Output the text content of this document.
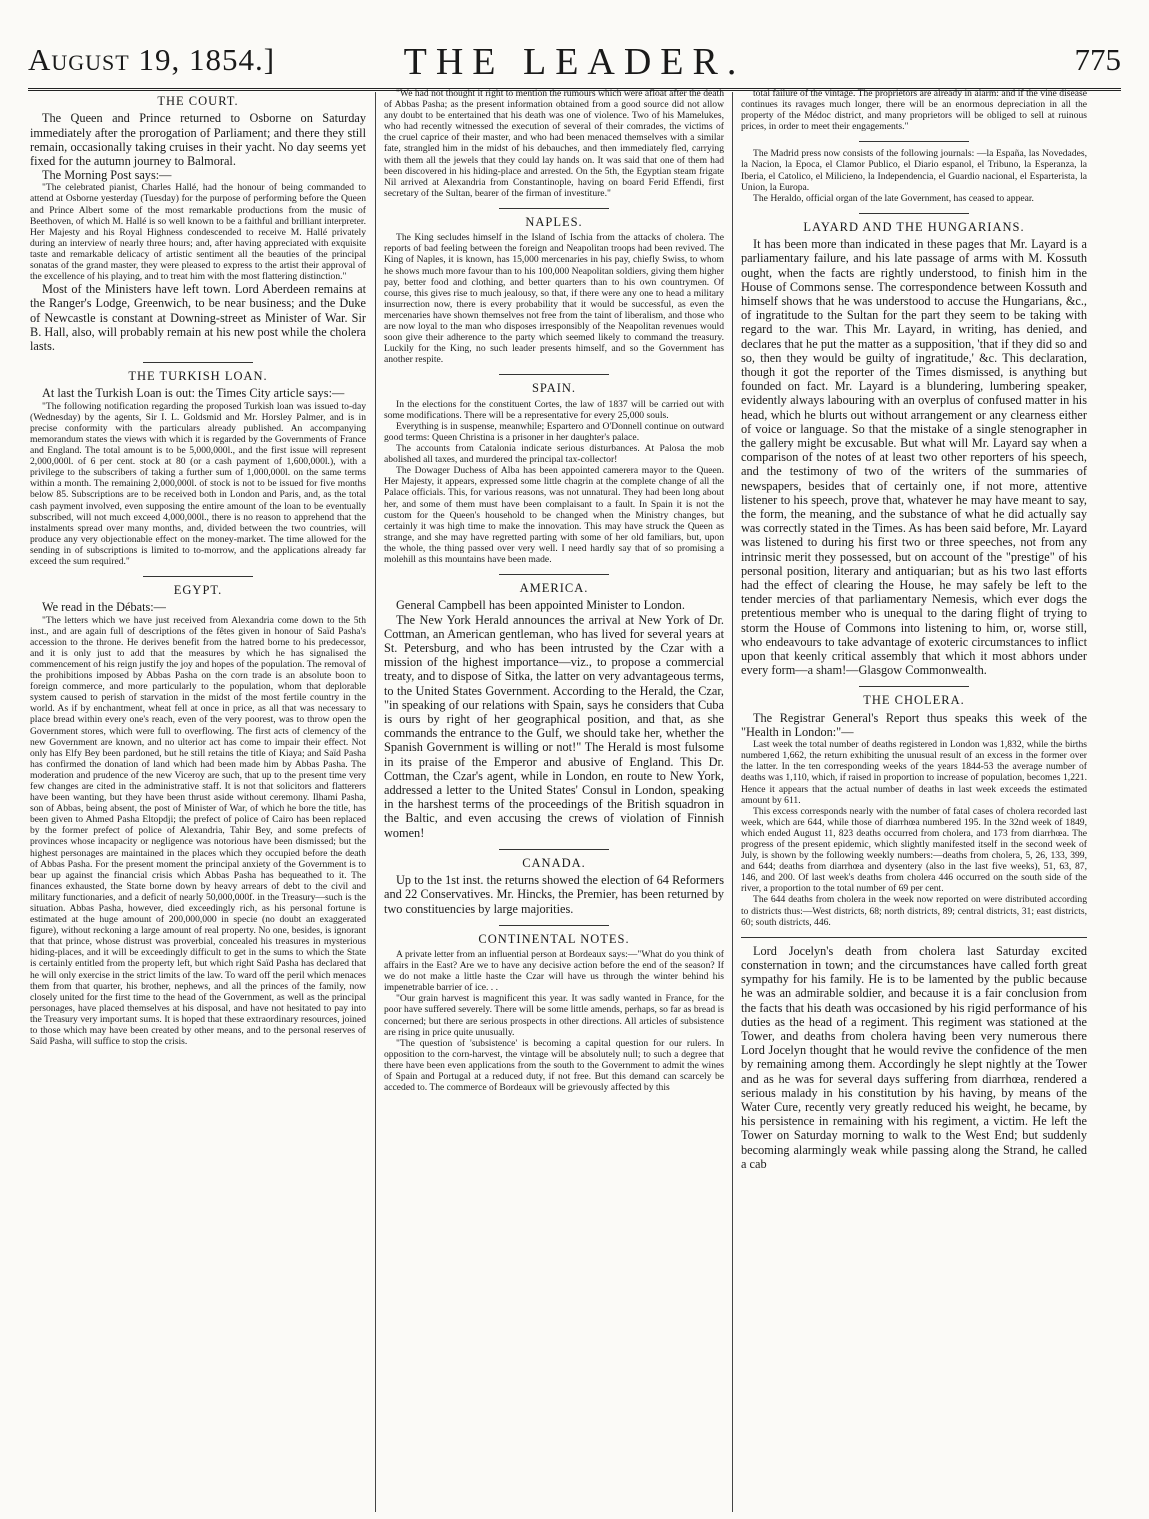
August 19, 1854.]	THE LEADER.	775
THE COURT.

The Queen and Prince returned to Osborne on Saturday immediately after the prorogation of Parliament; and there they still remain, occasionally taking cruises in their yacht. No day seems yet fixed for the autumn journey to Balmoral.

The Morning Post says:—

"The celebrated pianist, Charles Hallé, had the honour of being commanded to attend at Osborne yesterday (Tuesday) for the purpose of performing before the Queen and Prince Albert some of the most remarkable productions from the music of Beethoven, of which M. Hallé is so well known to be a faithful and brilliant interpreter. Her Majesty and his Royal Highness condescended to receive M. Hallé privately during an interview of nearly three hours; and, after having appreciated with exquisite taste and remarkable delicacy of artistic sentiment all the beauties of the principal sonatas of the grand master, they were pleased to express to the artist their approval of the excellence of his playing, and to treat him with the most flattering distinction."

Most of the Ministers have left town. Lord Aberdeen remains at the Ranger's Lodge, Greenwich, to be near business; and the Duke of Newcastle is constant at Downing-street as Minister of War. Sir B. Hall, also, will probably remain at his new post while the cholera lasts.

THE TURKISH LOAN.

At last the Turkish Loan is out: the Times City article says:—

"The following notification regarding the proposed Turkish loan was issued to-day (Wednesday) by the agents, Sir I. L. Goldsmid and Mr. Horsley Palmer, and is in precise conformity with the particulars already published. An accompanying memorandum states the views with which it is regarded by the Governments of France and England. The total amount is to be 5,000,000l., and the first issue will represent 2,000,000l. of 6 per cent. stock at 80 (or a cash payment of 1,600,000l.), with a privilege to the subscribers of taking a further sum of 1,000,000l. on the same terms within a month. The remaining 2,000,000l. of stock is not to be issued for five months below 85. Subscriptions are to be received both in London and Paris, and, as the total cash payment involved, even supposing the entire amount of the loan to be eventually subscribed, will not much exceed 4,000,000l., there is no reason to apprehend that the instalments spread over many months, and, divided between the two countries, will produce any very objectionable effect on the money-market. The time allowed for the sending in of subscriptions is limited to to-morrow, and the applications already far exceed the sum required."

EGYPT.

We read in the Débats:—

"The letters which we have just received from Alexandria come down to the 5th inst., and are again full of descriptions of the fêtes given in honour of Saïd Pasha's accession to the throne. He derives benefit from the hatred borne to his predecessor, and it is only just to add that the measures by which he has signalised the commencement of his reign justify the joy and hopes of the population. The removal of the prohibitions imposed by Abbas Pasha on the corn trade is an absolute boon to foreign commerce, and more particularly to the population, whom that deplorable system caused to perish of starvation in the midst of the most fertile country in the world. As if by enchantment, wheat fell at once in price, as all that was necessary to place bread within every one's reach, even of the very poorest, was to throw open the Government stores, which were full to overflowing. The first acts of clemency of the new Government are known, and no ulterior act has come to impair their effect. Not only has Elfy Bey been pardoned, but he still retains the title of Kiaya; and Saïd Pasha has confirmed the donation of land which had been made him by Abbas Pasha. The moderation and prudence of the new Viceroy are such, that up to the present time very few changes are cited in the administrative staff. It is not that solicitors and flatterers have been wanting, but they have been thrust aside without ceremony. Ilhami Pasha, son of Abbas, being absent, the post of Minister of War, of which he bore the title, has been given to Ahmed Pasha Eltopdji; the prefect of police of Cairo has been replaced by the former prefect of police of Alexandria, Tahir Bey, and some prefects of provinces whose incapacity or negligence was notorious have been dismissed; but the highest personages are maintained in the places which they occupied before the death of Abbas Pasha. For the present moment the principal anxiety of the Government is to bear up against the financial crisis which Abbas Pasha has bequeathed to it. The finances exhausted, the State borne down by heavy arrears of debt to the civil and military functionaries, and a deficit of nearly 50,000,000f. in the Treasury—such is the situation. Abbas Pasha, however, died exceedingly rich, as his personal fortune is estimated at the huge amount of 200,000,000 in specie (no doubt an exaggerated figure), without reckoning a large amount of real property. No one, besides, is ignorant that that prince, whose distrust was proverbial, concealed his treasures in mysterious hiding-places, and it will be exceedingly difficult to get in the sums to which the State is certainly entitled from the property left, but which right Saïd Pasha has declared that he will only exercise in the strict limits of the law. To ward off the peril which menaces them from that quarter, his brother, nephews, and all the princes of the family, now closely united for the first time to the head of the Government, as well as the principal personages, have placed themselves at his disposal, and have not hesitated to pay into the Treasury very important sums. It is hoped that these extraordinary resources, joined to those which may have been created by other means, and to the personal reserves of Saïd Pasha, will suffice to stop the crisis.

"We had not thought it right to mention the rumours which were afloat after the death of Abbas Pasha; as the present information obtained from a good source did not allow any doubt to be entertained that his death was one of violence. Two of his Mamelukes, who had recently witnessed the execution of several of their comrades, the victims of the cruel caprice of their master, and who had been menaced themselves with a similar fate, strangled him in the midst of his debauches, and then immediately fled, carrying with them all the jewels that they could lay hands on. It was said that one of them had been discovered in his hiding-place and arrested. On the 5th, the Egyptian steam frigate Nil arrived at Alexandria from Constantinople, having on board Ferid Effendi, first secretary of the Sultan, bearer of the firman of investiture."

NAPLES.

The King secludes himself in the Island of Ischia from the attacks of cholera. The reports of bad feeling between the foreign and Neapolitan troops had been revived. The King of Naples, it is known, has 15,000 mercenaries in his pay, chiefly Swiss, to whom he shows much more favour than to his 100,000 Neapolitan soldiers, giving them higher pay, better food and clothing, and better quarters than to his own countrymen. Of course, this gives rise to much jealousy, so that, if there were any one to head a military insurrection now, there is every probability that it would be successful, as even the mercenaries have shown themselves not free from the taint of liberalism, and those who are now loyal to the man who disposes irresponsibly of the Neapolitan revenues would soon give their adherence to the party which seemed likely to command the treasury. Luckily for the King, no such leader presents himself, and so the Government has another respite.

SPAIN.

In the elections for the constituent Cortes, the law of 1837 will be carried out with some modifications. There will be a representative for every 25,000 souls.

Everything is in suspense, meanwhile; Espartero and O'Donnell continue on outward good terms: Queen Christina is a prisoner in her daughter's palace.

The accounts from Catalonia indicate serious disturbances. At Palosa the mob abolished all taxes, and murdered the principal tax-collector!

The Dowager Duchess of Alba has been appointed camerera mayor to the Queen. Her Majesty, it appears, expressed some little chagrin at the complete change of all the Palace officials. This, for various reasons, was not unnatural. They had been long about her, and some of them must have been complaisant to a fault. In Spain it is not the custom for the Queen's household to be changed when the Ministry changes, but certainly it was high time to make the innovation. This may have struck the Queen as strange, and she may have regretted parting with some of her old familiars, but, upon the whole, the thing passed over very well. I need hardly say that of so promising a molehill as this mountains have been made.

AMERICA.

General Campbell has been appointed Minister to London.

The New York Herald announces the arrival at New York of Dr. Cottman, an American gentleman, who has lived for several years at St. Petersburg, and who has been intrusted by the Czar with a mission of the highest importance—viz., to propose a commercial treaty, and to dispose of Sitka, the latter on very advantageous terms, to the United States Government. According to the Herald, the Czar, "in speaking of our relations with Spain, says he considers that Cuba is ours by right of her geographical position, and that, as she commands the entrance to the Gulf, we should take her, whether the Spanish Government is willing or not!" The Herald is most fulsome in its praise of the Emperor and abusive of England. This Dr. Cottman, the Czar's agent, while in London, en route to New York, addressed a letter to the United States' Consul in London, speaking in the harshest terms of the proceedings of the British squadron in the Baltic, and even accusing the crews of violation of Finnish women!

CANADA.

Up to the 1st inst. the returns showed the election of 64 Reformers and 22 Conservatives. Mr. Hincks, the Premier, has been returned by two constituencies by large majorities.

CONTINENTAL NOTES.

A private letter from an influential person at Bordeaux says:—"What do you think of affairs in the East? Are we to have any decisive action before the end of the season? If we do not make a little haste the Czar will have us through the winter behind his impenetrable barrier of ice. . .

"Our grain harvest is magnificent this year. It was sadly wanted in France, for the poor have suffered severely. There will be some little amends, perhaps, so far as bread is concerned; but there are serious prospects in other directions. All articles of subsistence are rising in price quite unusually.

"The question of 'subsistence' is becoming a capital question for our rulers. In opposition to the corn-harvest, the vintage will be absolutely null; to such a degree that there have been even applications from the south to the Government to admit the wines of Spain and Portugal at a reduced duty, if not free. But this demand can scarcely be acceded to. The commerce of Bordeaux will be grievously affected by this

total failure of the vintage. The proprietors are already in alarm: and if the vine disease continues its ravages much longer, there will be an enormous depreciation in all the property of the Médoc district, and many proprietors will be obliged to sell at ruinous prices, in order to meet their engagements."

The Madrid press now consists of the following journals: —la España, las Novedades, la Nacion, la Epoca, el Clamor Publico, el Diario espanol, el Tribuno, la Esperanza, la Iberia, el Catolico, el Milicieno, la Independencia, el Guardio nacional, el Esparterista, la Union, la Europa.

The Heraldo, official organ of the late Government, has ceased to appear.

LAYARD AND THE HUNGARIANS.

It has been more than indicated in these pages that Mr. Layard is a parliamentary failure, and his late passage of arms with M. Kossuth ought, when the facts are rightly understood, to finish him in the House of Commons sense. The correspondence between Kossuth and himself shows that he was understood to accuse the Hungarians, &c., of ingratitude to the Sultan for the part they seem to be taking with regard to the war. This Mr. Layard, in writing, has denied, and declares that he put the matter as a supposition, 'that if they did so and so, then they would be guilty of ingratitude,' &c. This declaration, though it got the reporter of the Times dismissed, is anything but founded on fact. Mr. Layard is a blundering, lumbering speaker, evidently always labouring with an overplus of confused matter in his head, which he blurts out without arrangement or any clearness either of voice or language. So that the mistake of a single stenographer in the gallery might be excusable. But what will Mr. Layard say when a comparison of the notes of at least two other reporters of his speech, and the testimony of two of the writers of the summaries of newspapers, besides that of certainly one, if not more, attentive listener to his speech, prove that, whatever he may have meant to say, the form, the meaning, and the substance of what he did actually say was correctly stated in the Times. As has been said before, Mr. Layard was listened to during his first two or three speeches, not from any intrinsic merit they possessed, but on account of the "prestige" of his personal position, literary and antiquarian; but as his two last efforts had the effect of clearing the House, he may safely be left to the tender mercies of that parliamentary Nemesis, which ever dogs the pretentious member who is unequal to the daring flight of trying to storm the House of Commons into listening to him, or, worse still, who endeavours to take advantage of exoteric circumstances to inflict upon that keenly critical assembly that which it most abhors under every form—a sham!—Glasgow Commonwealth.

THE CHOLERA.

The Registrar General's Report thus speaks this week of the "Health in London:"—

Last week the total number of deaths registered in London was 1,832, while the births numbered 1,662, the return exhibiting the unusual result of an excess in the former over the latter. In the ten corresponding weeks of the years 1844-53 the average number of deaths was 1,110, which, if raised in proportion to increase of population, becomes 1,221. Hence it appears that the actual number of deaths in last week exceeds the estimated amount by 611.

This excess corresponds nearly with the number of fatal cases of cholera recorded last week, which are 644, while those of diarrhœa numbered 195. In the 32nd week of 1849, which ended August 11, 823 deaths occurred from cholera, and 173 from diarrhœa. The progress of the present epidemic, which slightly manifested itself in the second week of July, is shown by the following weekly numbers:—deaths from cholera, 5, 26, 133, 399, and 644; deaths from diarrhœa and dysentery (also in the last five weeks), 51, 63, 87, 146, and 200. Of last week's deaths from cholera 446 occurred on the south side of the river, a proportion to the total number of 69 per cent.

The 644 deaths from cholera in the week now reported on were distributed according to districts thus:—West districts, 68; north districts, 89; central districts, 31; east districts, 60; south districts, 446.

Lord Jocelyn's death from cholera last Saturday excited consternation in town; and the circumstances have called forth great sympathy for his family. He is to be lamented by the public because he was an admirable soldier, and because it is a fair conclusion from the facts that his death was occasioned by his rigid performance of his duties as the head of a regiment. This regiment was stationed at the Tower, and deaths from cholera having been very numerous there Lord Jocelyn thought that he would revive the confidence of the men by remaining among them. Accordingly he slept nightly at the Tower and as he was for several days suffering from diarrhœa, rendered a serious malady in his constitution by his having, by means of the Water Cure, recently very greatly reduced his weight, he became, by his persistence in remaining with his regiment, a victim. He left the Tower on Saturday morning to walk to the West End; but suddenly becoming alarmingly weak while passing along the Strand, he called a cab
